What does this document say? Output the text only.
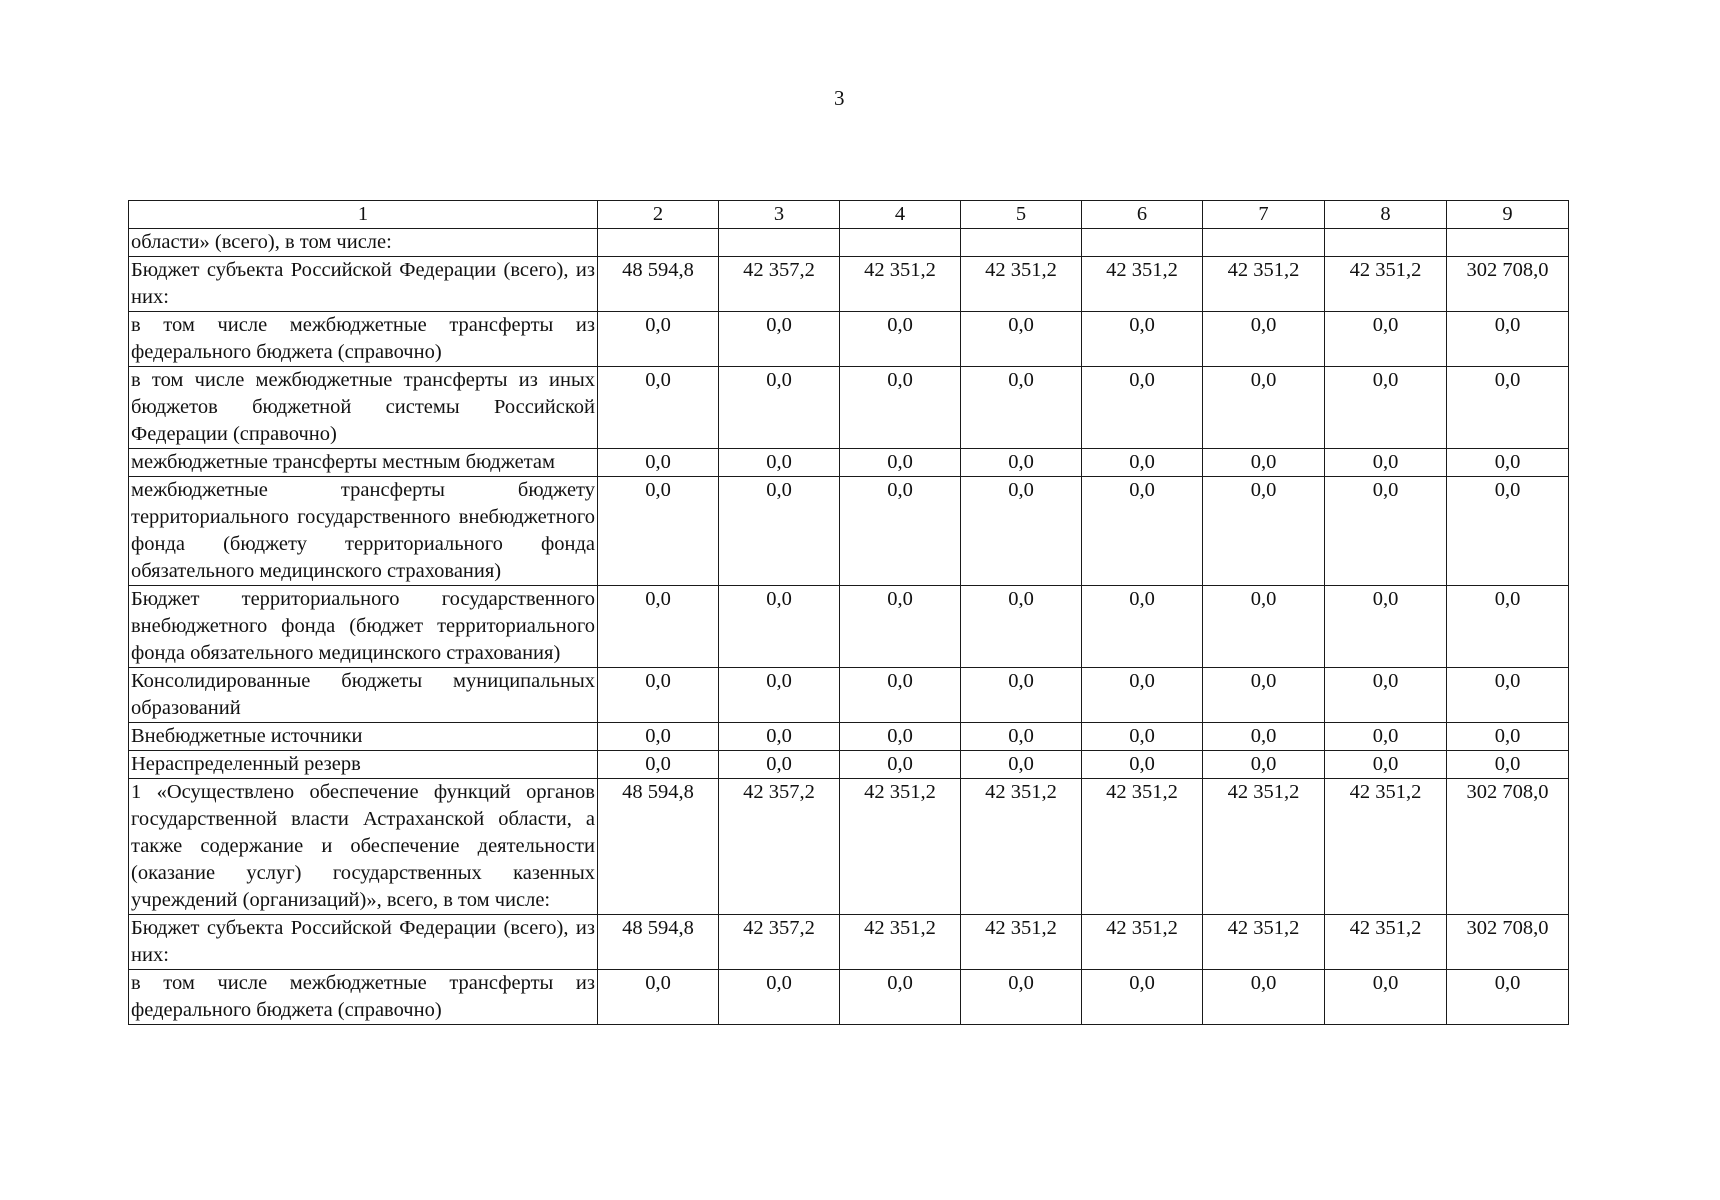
3
1	2	3	4	5	6	7	8	9
области» (всего), в том числе:								
Бюджет субъекта Российской Федерации (всего), из них:	48 594,8	42 357,2	42 351,2	42 351,2	42 351,2	42 351,2	42 351,2	302 708,0
в том числе межбюджетные трансферты из федерального бюджета (справочно)	0,0	0,0	0,0	0,0	0,0	0,0	0,0	0,0
в том числе межбюджетные трансферты из иных бюджетов бюджетной системы Российской Федерации (справочно)	0,0	0,0	0,0	0,0	0,0	0,0	0,0	0,0
межбюджетные трансферты местным бюджетам	0,0	0,0	0,0	0,0	0,0	0,0	0,0	0,0
межбюджетные трансферты бюджету территориального государственного внебюджетного фонда (бюджету территориального фонда обязательного медицинского страхования)	0,0	0,0	0,0	0,0	0,0	0,0	0,0	0,0
Бюджет территориального государственного внебюджетного фонда (бюджет территориального фонда обязательного медицинского страхования)	0,0	0,0	0,0	0,0	0,0	0,0	0,0	0,0
Консолидированные бюджеты муниципальных образований	0,0	0,0	0,0	0,0	0,0	0,0	0,0	0,0
Внебюджетные источники	0,0	0,0	0,0	0,0	0,0	0,0	0,0	0,0
Нераспределенный резерв	0,0	0,0	0,0	0,0	0,0	0,0	0,0	0,0
1 «Осуществлено обеспечение функций органов государственной власти Астраханской области, а также содержание и обеспечение деятельности (оказание услуг) государственных казенных учреждений (организаций)», всего, в том числе:	48 594,8	42 357,2	42 351,2	42 351,2	42 351,2	42 351,2	42 351,2	302 708,0
Бюджет субъекта Российской Федерации (всего), из них:	48 594,8	42 357,2	42 351,2	42 351,2	42 351,2	42 351,2	42 351,2	302 708,0
в том числе межбюджетные трансферты из федерального бюджета (справочно)	0,0	0,0	0,0	0,0	0,0	0,0	0,0	0,0
